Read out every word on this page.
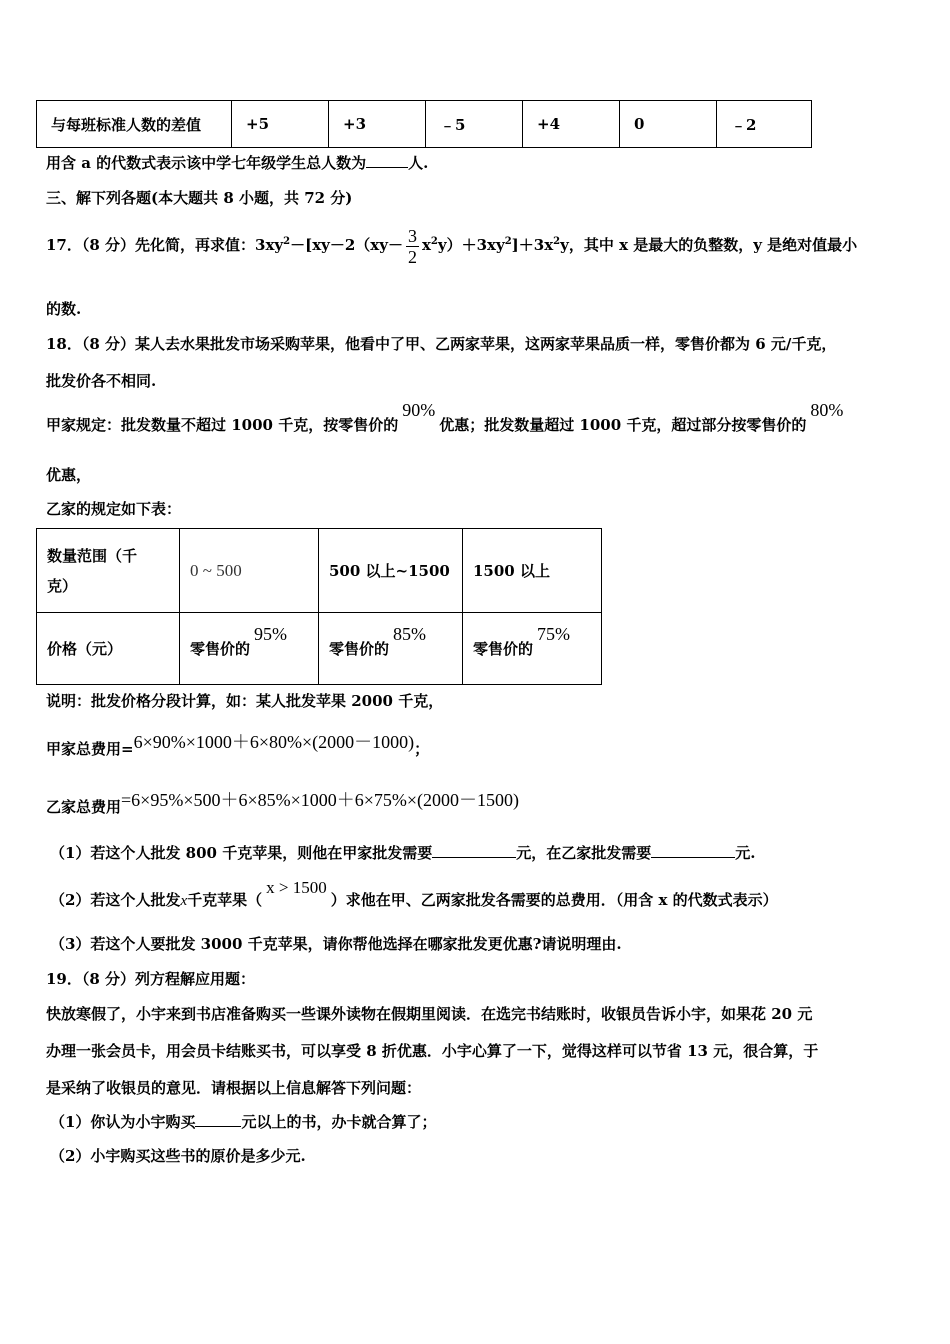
与每班标准人数的差值	+5	+3	﹣5	+4	0	﹣2
用含 a 的代数式表示该中学七年级学生总人数为	人.
三、解下列各题(本大题共 8 小题，共 72 分)
17．（8 分）先化简，再求值：$3xy^2-[xy-2(xy- \frac{3}{2} x^2y)+3xy^2]+3x^2y$，其中 x 是最大的负整数，y 是绝对值最小
的数.
18．（8 分）某人去水果批发市场采购苹果，他看中了甲、乙两家苹果，这两家苹果品质一样，零售价都为 6 元/千克，
批发价各不相同.
甲家规定：批发数量不超过 1000 千克，按零售价的90%优惠；批发数量超过 1000 千克，超过部分按零售价的80%
优惠，
乙家的规定如下表：
数量范围（千
克）	0 ~ 500	500 以上~1500	1500 以上
价格（元）	零售价的95%	零售价的85%	零售价的75%
说明：批发价格分段计算，如：某人批发苹果 2000 千克，
甲家总费用=6×90%×1000＋6×80%×(2000－1000)；
乙家总费用=6×95%×500＋6×85%×1000＋6×75%×(2000－1500)
（1）若这个人批发 800 千克苹果，则他在甲家批发需要	元，在乙家批发需要	元.
（2）若这个人批发x千克苹果（x > 1500）求他在甲、乙两家批发各需要的总费用．（用含 x 的代数式表示）
（3）若这个人要批发 3000 千克苹果，请你帮他选择在哪家批发更优惠?请说明理由.
19．（8 分）列方程解应用题：
快放寒假了，小宇来到书店准备购买一些课外读物在假期里阅读．在选完书结账时，收银员告诉小宇，如果花 20 元
办理一张会员卡，用会员卡结账买书，可以享受 8 折优惠．小宇心算了一下，觉得这样可以节省 13 元，很合算，于
是采纳了收银员的意见．请根据以上信息解答下列问题：
（1）你认为小宇购买	元以上的书，办卡就合算了；
（2）小宇购买这些书的原价是多少元.
